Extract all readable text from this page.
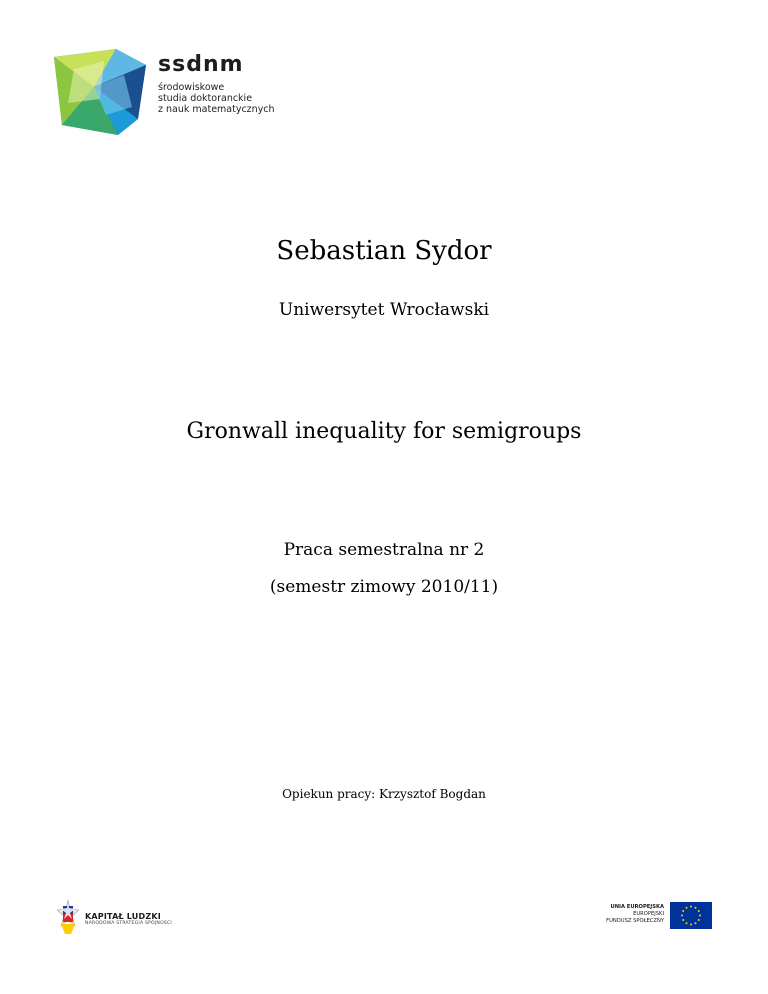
ssdnm
środowiskowe
studia doktoranckie
z nauk matematycznych
Sebastian Sydor
Uniwersytet Wrocławski
Gronwall inequality for semigroups
Praca semestralna nr 2
(semestr zimowy 2010/11)
Opiekun pracy: Krzysztof Bogdan
KAPITAŁ LUDZKI
NARODOWA STRATEGIA SPÓJNOŚCI
UNIA EUROPEJSKA
EUROPEJSKI
FUNDUSZ SPOŁECZNY
